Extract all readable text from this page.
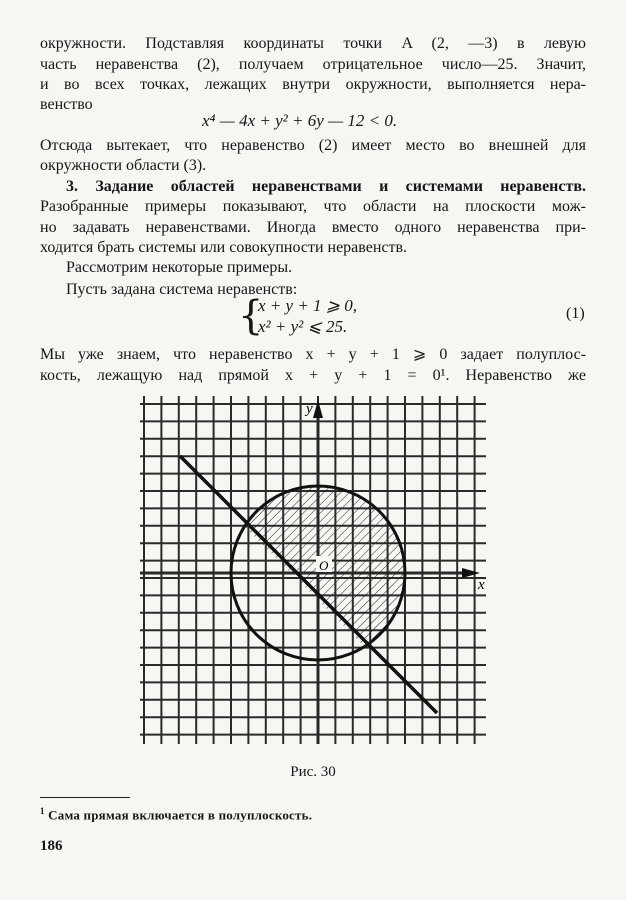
окружности. Подставляя координаты точки A (2, —3) в левую
часть неравенства (2), получаем отрицательное число—25. Значит,
и во всех точках, лежащих внутри окружности, выполняется нера-
венство
x⁴ — 4x + y² + 6y — 12 < 0.
Отсюда вытекает, что неравенство (2) имеет место во внешней для
окружности области (3).
3. Задание областей неравенствами и системами неравенств.
Разобранные примеры показывают, что области на плоскости мож-
но задавать неравенствами. Иногда вместо одного неравенства при-
ходится брать системы или совокупности неравенств.
Рассмотрим некоторые примеры.
Пусть задана система неравенств:
{
x + y + 1 ⩾ 0,
x² + y² ⩽ 25.
(1)
Мы уже знаем, что неравенство x + y + 1 ⩾ 0 задает полуплос-
кость, лежащую над прямой x + y + 1 = 0¹. Неравенство же
y
x
O
Рис. 30
$^1$ Сама прямая включается в полуплоскость.
186
